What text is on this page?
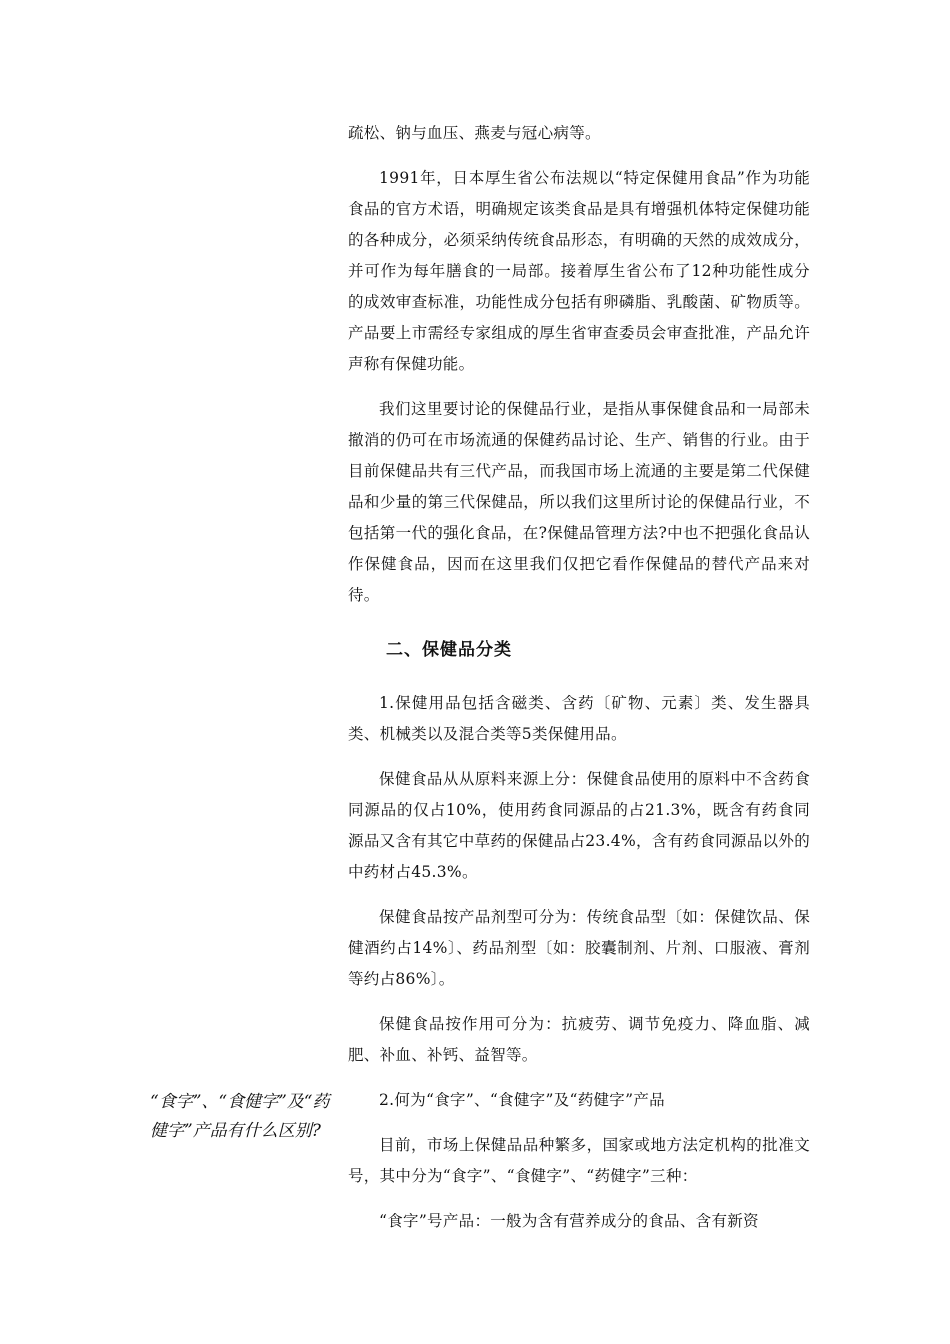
疏松、钠与血压、燕麦与冠心病等。

1991年，日本厚生省公布法规以“特定保健用食品”作为功能食品的官方术语，明确规定该类食品是具有增强机体特定保健功能的各种成分，必须采纳传统食品形态，有明确的天然的成效成分，并可作为每年膳食的一局部。接着厚生省公布了12种功能性成分的成效审查标准，功能性成分包括有卵磷脂、乳酸菌、矿物质等。产品要上市需经专家组成的厚生省审查委员会审查批准，产品允许声称有保健功能。

我们这里要讨论的保健品行业，是指从事保健食品和一局部未撤消的仍可在市场流通的保健药品讨论、生产、销售的行业。由于目前保健品共有三代产品，而我国市场上流通的主要是第二代保健品和少量的第三代保健品，所以我们这里所讨论的保健品行业，不包括第一代的强化食品，在?保健品管理方法?中也不把强化食品认作保健食品，因而在这里我们仅把它看作保健品的替代产品来对待。

二、保健品分类

1.保健用品包括含磁类、含药〔矿物、元素〕类、发生器具类、机械类以及混合类等5类保健用品。

保健食品从从原料来源上分：保健食品使用的原料中不含药食同源品的仅占10%，使用药食同源品的占21.3%，既含有药食同源品又含有其它中草药的保健品占23.4%，含有药食同源品以外的中药材占45.3%。

保健食品按产品剂型可分为：传统食品型〔如：保健饮品、保健酒约占14%〕、药品剂型〔如：胶囊制剂、片剂、口服液、膏剂等约占86%〕。

保健食品按作用可分为：抗疲劳、调节免疫力、降血脂、减肥、补血、补钙、益智等。

2.何为“食字”、“食健字”及“药健字”产品

目前，市场上保健品品种繁多，国家或地方法定机构的批准文号，其中分为“食字”、“食健字”、“药健字”三种：

“食字”号产品：一般为含有营养成分的食品、含有新资

“食字”、“食健字”及“药健字”产品有什么区别?
